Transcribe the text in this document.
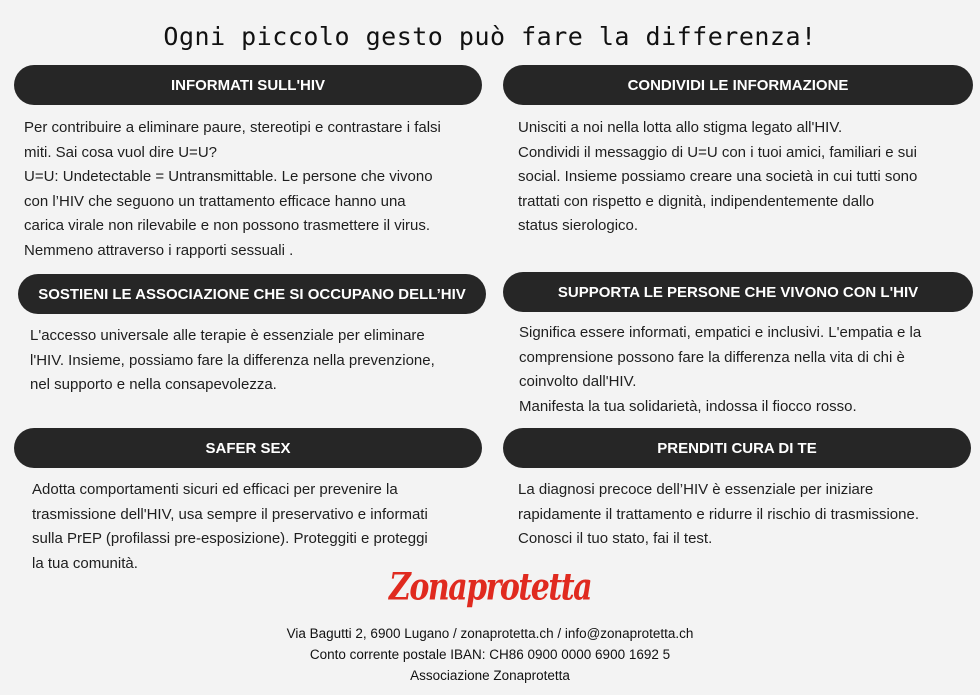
Ogni piccolo gesto può fare la differenza!
INFORMATI SULL'HIV

Per contribuire a eliminare paure, stereotipi e contrastare i falsi

miti. Sai cosa vuol dire U=U?

U=U: Undetectable = Untransmittable. Le persone che vivono

con l’HIV che seguono un trattamento efficace hanno una

carica virale non rilevabile e non possono trasmettere il virus.

Nemmeno attraverso i rapporti sessuali .

CONDIVIDI LE INFORMAZIONE

Unisciti a noi nella lotta allo stigma legato all'HIV.

Condividi il messaggio di U=U con i tuoi amici, familiari e sui

social. Insieme possiamo creare una società in cui tutti sono

trattati con rispetto e dignità, indipendentemente dallo

status sierologico.

SOSTIENI LE ASSOCIAZIONE CHE SI OCCUPANO DELL’HIV

L'accesso universale alle terapie è essenziale per eliminare

l'HIV. Insieme, possiamo fare la differenza nella prevenzione,

nel supporto e nella consapevolezza.

SUPPORTA LE PERSONE CHE VIVONO CON L'HIV

Significa essere informati, empatici e inclusivi. L'empatia e la

comprensione possono fare la differenza nella vita di chi è

coinvolto dall'HIV.

Manifesta la tua solidarietà, indossa il fiocco rosso.

SAFER SEX

Adotta comportamenti sicuri ed efficaci per prevenire la

trasmissione dell'HIV, usa sempre il preservativo e informati

sulla PrEP (profilassi pre-esposizione). Proteggiti e proteggi

la tua comunità.

PRENDITI CURA DI TE

La diagnosi precoce dell’HIV è essenziale per iniziare

rapidamente il trattamento e ridurre il rischio di trasmissione.

Conosci il tuo stato, fai il test.

Zonaprotetta
Via Bagutti 2, 6900 Lugano / zonaprotetta.ch / info@zonaprotetta.ch
Conto corrente postale IBAN: CH86 0900 0000 6900 1692 5
Associazione Zonaprotetta
